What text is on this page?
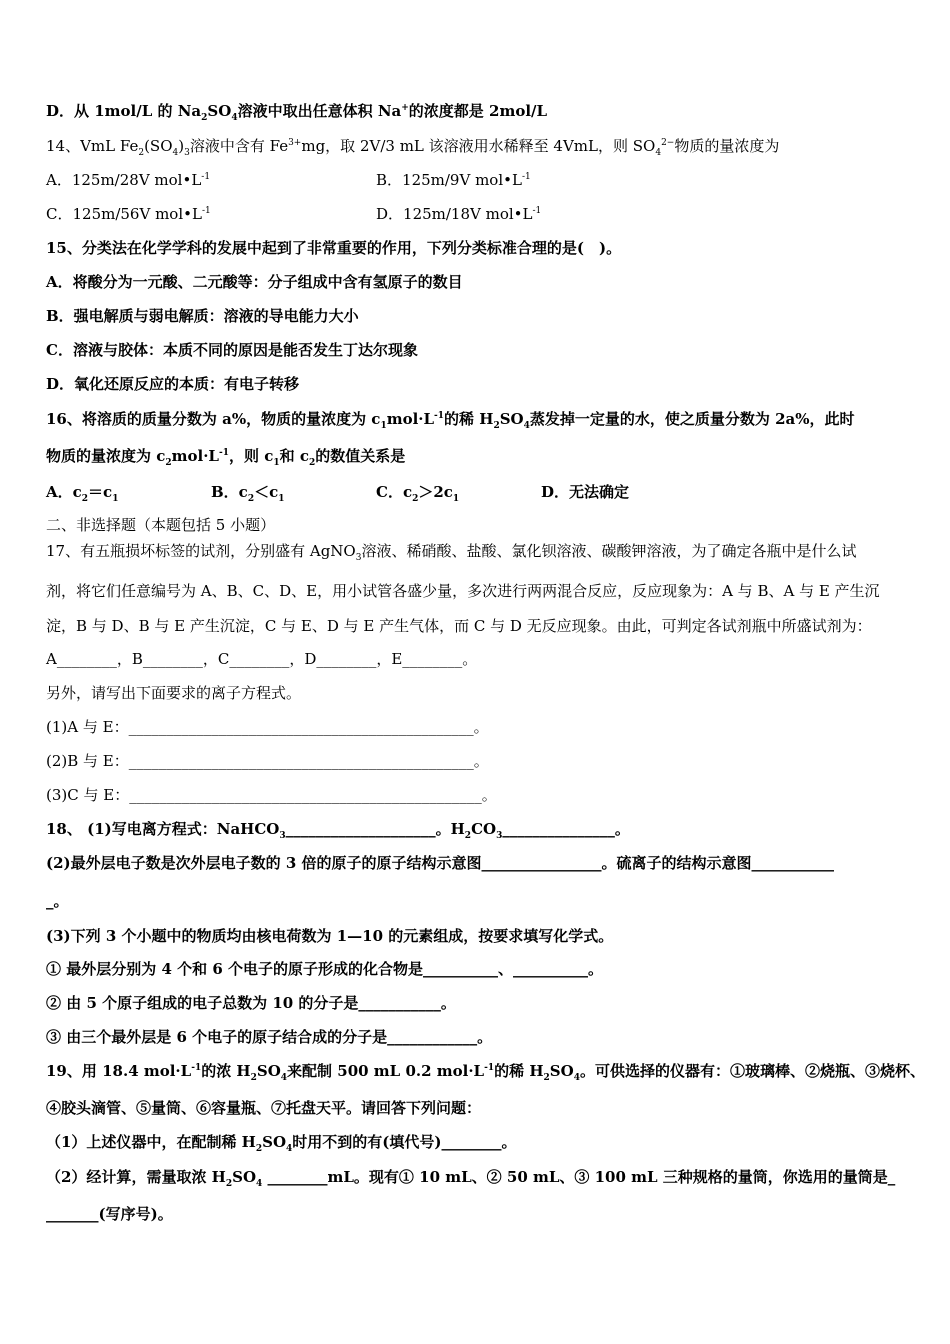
D．从 1mol/L 的 $Na_2SO_4$溶液中取出任意体积 Na+的浓度都是 2mol/L
14、VmL $Fe_2(SO_4)_3$溶液中含有 $Fe^{3+}mg$，取 2V/3 mL 该溶液用水稀释至 4VmL，则 $SO_4^{2-}$物质的量浓度为
A．125m/28V $mol•L^{-1}$	B．125m/9V $mol•L^{-1}$
C．125m/56V $mol•L^{-1}$	D．125m/18V $mol•L^{-1}$
15、分类法在化学学科的发展中起到了非常重要的作用，下列分类标准合理的是(　)。
A．将酸分为一元酸、二元酸等：分子组成中含有氢原子的数目
B．强电解质与弱电解质：溶液的导电能力大小
C．溶液与胶体：本质不同的原因是能否发生丁达尔现象
D．氧化还原反应的本质：有电子转移
16、将溶质的质量分数为 a%，物质的量浓度为 $c_1mol\cdot L^{-1}$的稀 $H_2SO_4$蒸发掉一定量的水，使之质量分数为 2a%，此时
物质的量浓度为 $c_2mol\cdot L^{-1}$，则 $c_1$和 $c_2$的数值关系是
A．$c_2=c_1$	B．$c_2<c_1$	C．$c_2>2c_1$	D．无法确定
二、非选择题（本题包括 5 小题）
17、有五瓶损坏标签的试剂，分别盛有 AgNO$_3$溶液、稀硝酸、盐酸、氯化钡溶液、碳酸钾溶液，为了确定各瓶中是什么试
剂，将它们任意编号为 A、B、C、D、E，用小试管各盛少量，多次进行两两混合反应，反应现象为：A 与 B、A 与 E 产生沉
淀，B 与 D、B 与 E 产生沉淀，C 与 E、D 与 E 产生气体，而 C 与 D 无反应现象。由此，可判定各试剂瓶中所盛试剂为：
A________，B________，C________，D________，E________。
另外，请写出下面要求的离子方程式。
(1)A 与 E：______________________________________________。
(2)B 与 E：______________________________________________。
(3)C 与 E：_______________________________________________。
18、 (1)写电离方程式：NaHCO$_3$____________________。$H_2CO_3\_\_\_\_\_\_\_\_\_\_\_\_\_\_\_$。
(2)最外层电子数是次外层电子数的 3 倍的原子的原子结构示意图________________。硫离子的结构示意图___________
_。
(3)下列 3 个小题中的物质均由核电荷数为 1—10 的元素组成，按要求填写化学式。
① 最外层分别为 4 个和 6 个电子的原子形成的化合物是__________、__________。
② 由 5 个原子组成的电子总数为 10 的分子是___________。
③ 由三个最外层是 6 个电子的原子结合成的分子是____________。
19、用 18.4 $mol\cdot L^{-1}$的浓 $H_2SO_4$来配制 500 mL 0.2 $mol\cdot L^{-1}$的稀 $H_2SO_4$。可供选择的仪器有：①玻璃棒、②烧瓶、③烧杯、
④胶头滴管、⑤量筒、⑥容量瓶、⑦托盘天平。请回答下列问题：
（1）上述仪器中，在配制稀 $H_2SO_4$时用不到的有(填代号)________。
（2）经计算，需量取浓 $H_2SO_4$ ________mL。现有① 10 mL、② 50 mL、③ 100 mL 三种规格的量筒，你选用的量筒是_
_______(写序号)。
